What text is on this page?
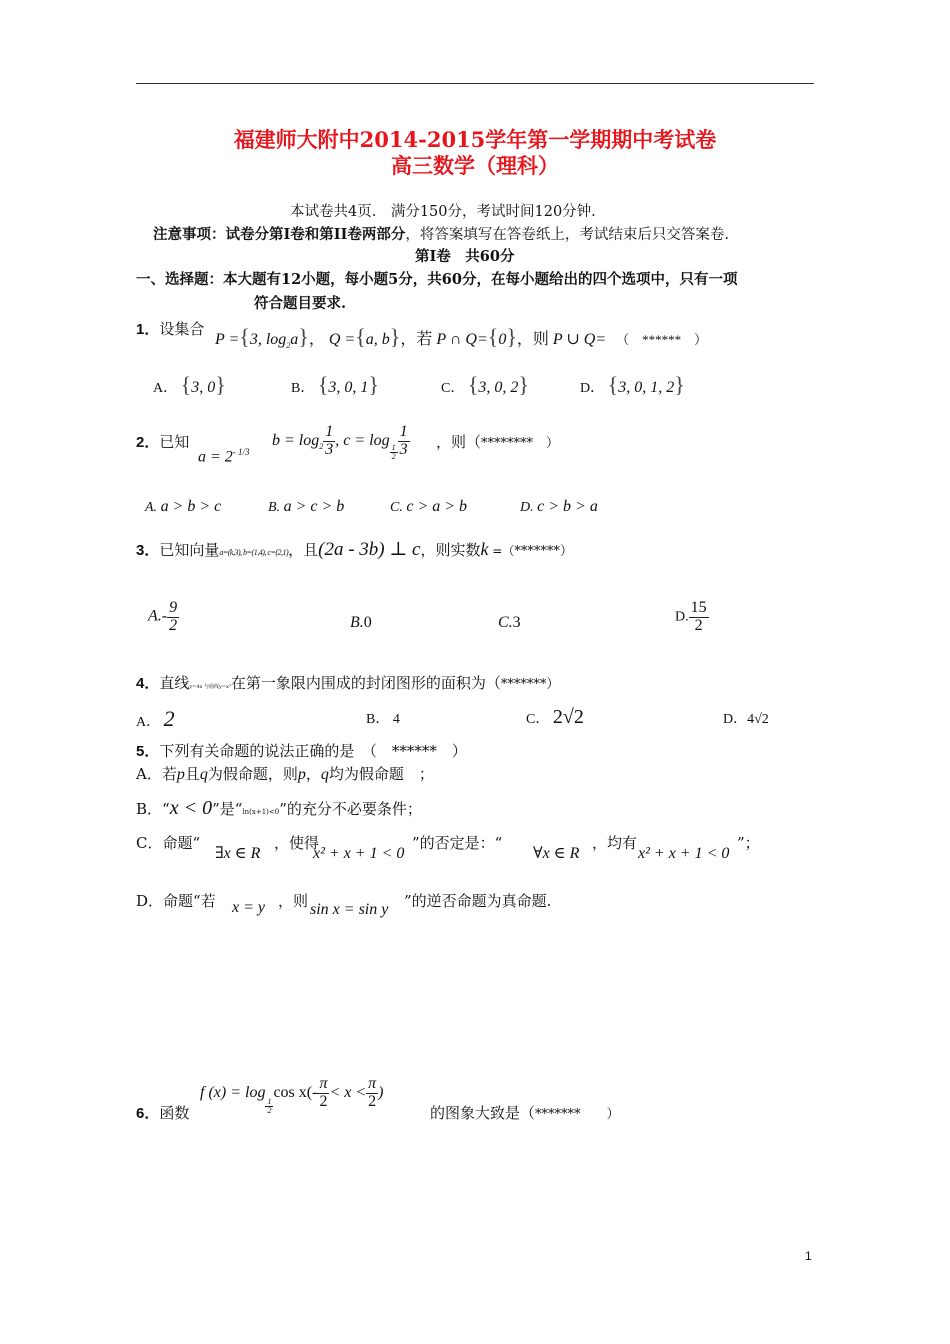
福建师大附中2014-2015学年第一学期期中考试卷
高三数学（理科）
本试卷共4页.　满分150分，考试时间120分钟.
注意事项：试卷分第I卷和第II卷两部分，将答案填写在答卷纸上，考试结束后只交答案卷.
第I卷　共60分
一、选择题：本大题有12小题，每小题5分，共60分，在每小题给出的四个选项中，只有一项
符合题目要求.
1．设集合
P ={3, $\log_2a$}， Q ={a, b}，若 P ∩ Q={0}，则 P ∪ Q= （　******　）
A． {3, 0}	B． {3, 0, 1}	C． {3, 0, 2}	D． {3, 0, 1, 2}
2．已知
$a = 2^{- 1/3}$
$b = \log_2 \frac{1}{3}$ , c = log
$\frac{1}{2} \frac{1}{3}$ ，则（********　）
A. a > b > c	B. a > c > b	C. c > a > b	D. c > b > a
3．已知向量a=(k,3), b=(1,4), c=(2,1)，且(2a - 3b) ⊥ c，则实数k =（*******）
$A.- \frac{9}{2}$	B.0	C.3	D. $\frac{15}{2}$
4．直线y=4x 与曲线y=x³在第一象限内围成的封闭图形的面积为（*******）
A． 2	B． 4	C． 2√2	D．4√2
5．下列有关命题的说法正确的是　（　******　）
A．若p且q为假命题，则p，q均为假命题　；
B．“x < 0”是“ln(x+1)<0”的充分不必要条件；
C．命题“
∃x ∈ R
，使得
x² + x + 1 < 0
”的否定是：“
∀x ∈ R
，均有
x² + x + 1 < 0
”；
D．命题“若 x = y ，则 sin x = sin y ”的逆否命题为真命题.
6．函数
f (x) = log
$\frac{1}{2}$
$\cos x(- \frac{\pi}{2} < x < \frac{\pi}{2}$ )
的图象大致是（*******　　）
1
